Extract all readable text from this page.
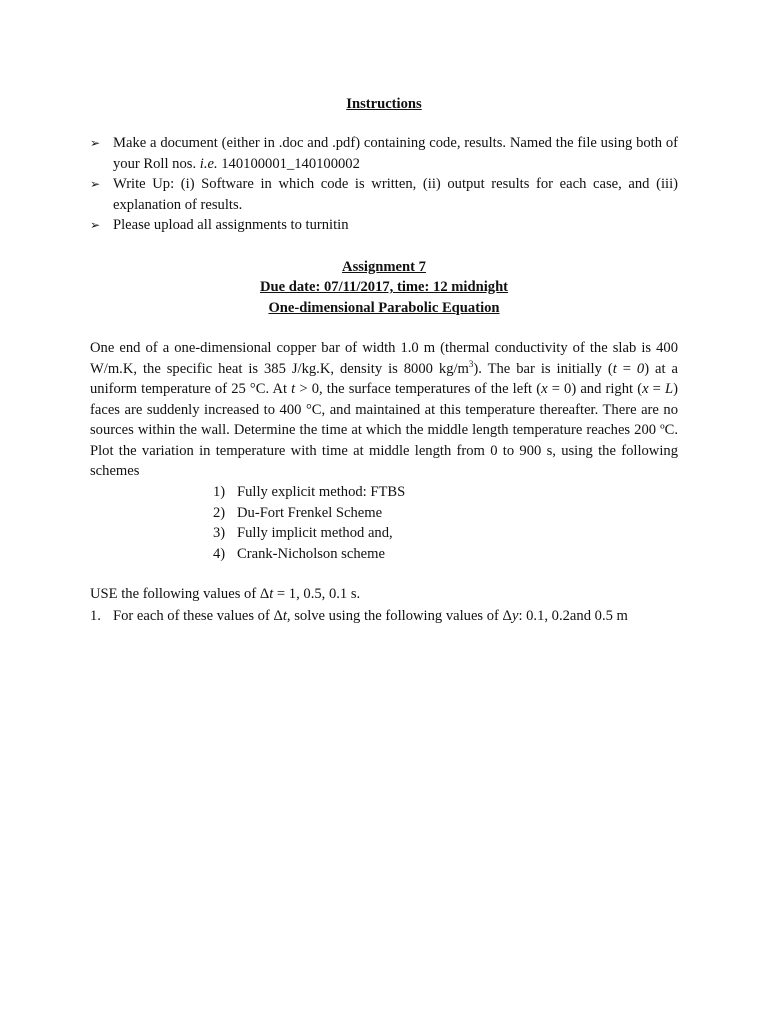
Instructions
➢ Make a document (either in .doc and .pdf) containing code, results. Named the file using both of your Roll nos. i.e. 140100001_140100002
➢ Write Up: (i) Software in which code is written, (ii) output results for each case, and (iii) explanation of results.
➢ Please upload all assignments to turnitin
Assignment 7
Due date: 07/11/2017, time: 12 midnight
One-dimensional Parabolic Equation

One end of a one-dimensional copper bar of width 1.0 m (thermal conductivity of the slab is 400 W/m.K, the specific heat is 385 J/kg.K, density is 8000 $kg/m^3$). The bar is initially (t = 0) at a uniform temperature of 25 °C. At t > 0, the surface temperatures of the left (x = 0) and right (x = L) faces are suddenly increased to 400 °C, and maintained at this temperature thereafter. There are no sources within the wall. Determine the time at which the middle length temperature reaches 200 ºC. Plot the variation in temperature with time at middle length from 0 to 900 s, using the following schemes

1) Fully explicit method: FTBS
2) Du-Fort Frenkel Scheme
3) Fully implicit method and,
4) Crank-Nicholson scheme
USE the following values of Δt = 1, 0.5, 0.1 s.
1. For each of these values of Δt, solve using the following values of Δy: 0.1, 0.2and 0.5 m
